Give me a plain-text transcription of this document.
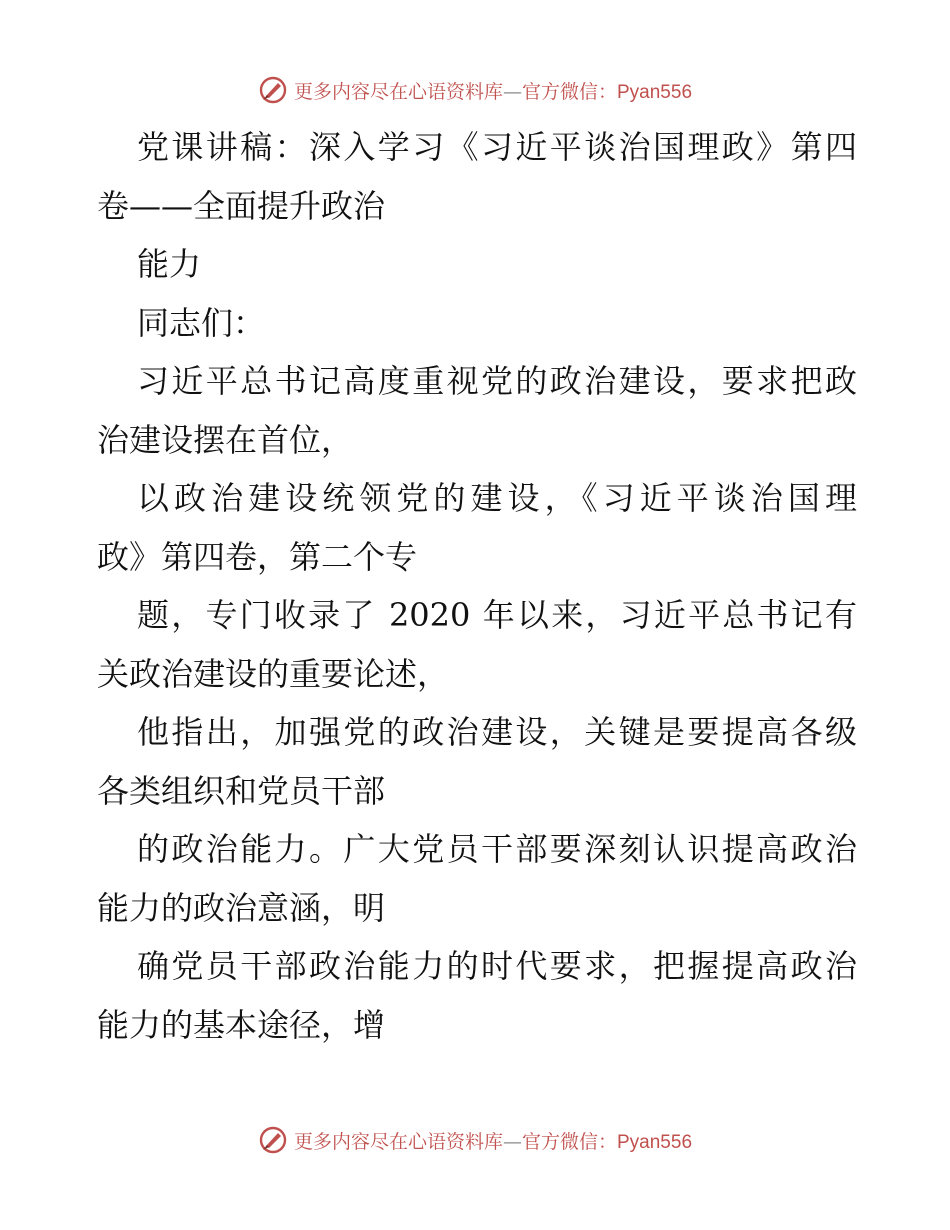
更多内容尽在心语资料库—官方微信：Pyan556
党课讲稿：深入学习《习近平谈治国理政》第四
卷——全面提升政治
能力
同志们：
习近平总书记高度重视党的政治建设，要求把政
治建设摆在首位，
以政治建设统领党的建设，《习近平谈治国理
政》第四卷，第二个专
题，专门收录了 2020 年以来，习近平总书记有
关政治建设的重要论述，
他指出，加强党的政治建设，关键是要提高各级
各类组织和党员干部
的政治能力。广大党员干部要深刻认识提高政治
能力的政治意涵，明
确党员干部政治能力的时代要求，把握提高政治
能力的基本途径，增
更多内容尽在心语资料库—官方微信：Pyan556
